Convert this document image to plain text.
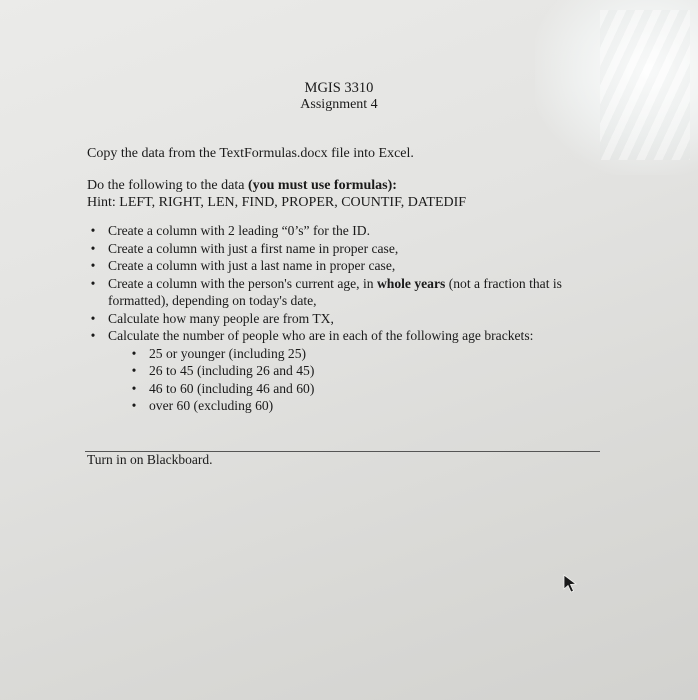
MGIS 3310
Assignment 4
Copy the data from the TextFormulas.docx file into Excel.
Do the following to the data (you must use formulas):
Hint: LEFT, RIGHT, LEN, FIND, PROPER, COUNTIF, DATEDIF
• Create a column with 2 leading “0’s” for the ID.
• Create a column with just a first name in proper case,
• Create a column with just a last name in proper case,
• Create a column with the person's current age, in whole years (not a fraction that is formatted), depending on today's date,
• Calculate how many people are from TX,
• Calculate the number of people who are in each of the following age brackets:
• 25 or younger (including 25)
• 26 to 45 (including 26 and 45)
• 46 to 60 (including 46 and 60)
• over 60 (excluding 60)
Turn in on Blackboard.
